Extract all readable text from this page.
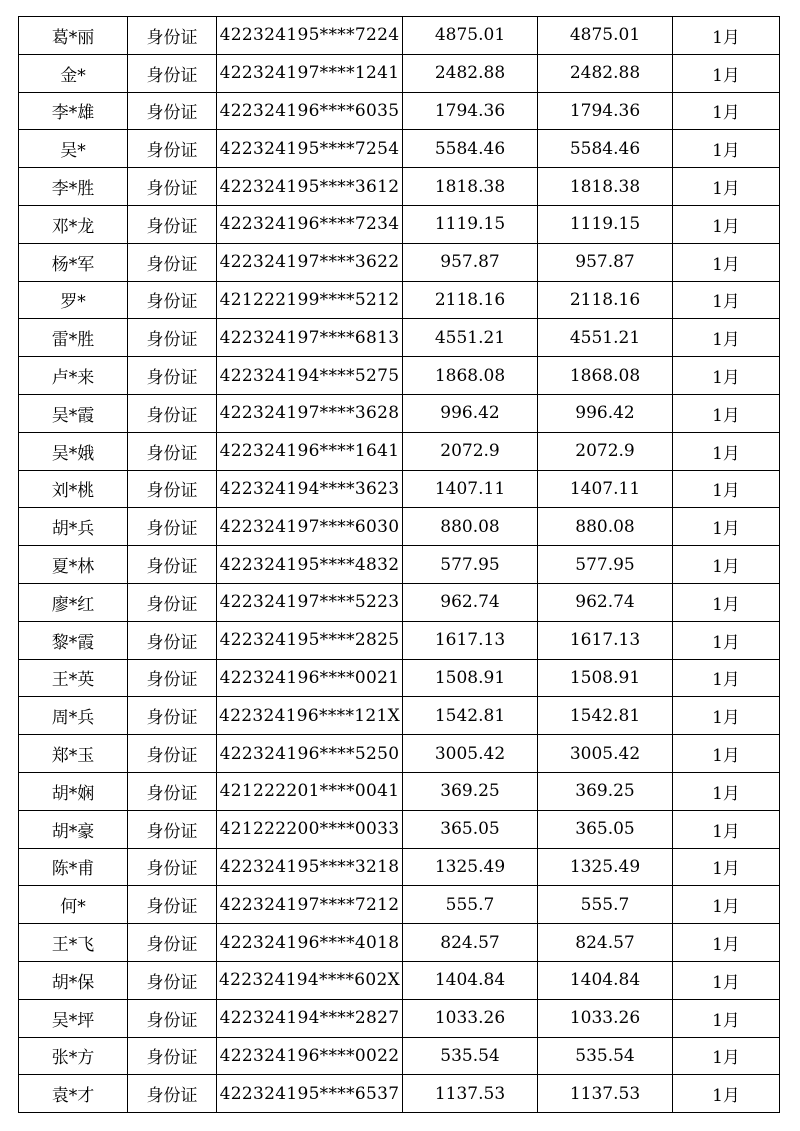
葛*丽	身份证	422324195****7224	4875.01	4875.01	1月
金*	身份证	422324197****1241	2482.88	2482.88	1月
李*雄	身份证	422324196****6035	1794.36	1794.36	1月
吴*	身份证	422324195****7254	5584.46	5584.46	1月
李*胜	身份证	422324195****3612	1818.38	1818.38	1月
邓*龙	身份证	422324196****7234	1119.15	1119.15	1月
杨*军	身份证	422324197****3622	957.87	957.87	1月
罗*	身份证	421222199****5212	2118.16	2118.16	1月
雷*胜	身份证	422324197****6813	4551.21	4551.21	1月
卢*来	身份证	422324194****5275	1868.08	1868.08	1月
吴*霞	身份证	422324197****3628	996.42	996.42	1月
吴*娥	身份证	422324196****1641	2072.9	2072.9	1月
刘*桃	身份证	422324194****3623	1407.11	1407.11	1月
胡*兵	身份证	422324197****6030	880.08	880.08	1月
夏*林	身份证	422324195****4832	577.95	577.95	1月
廖*红	身份证	422324197****5223	962.74	962.74	1月
黎*霞	身份证	422324195****2825	1617.13	1617.13	1月
王*英	身份证	422324196****0021	1508.91	1508.91	1月
周*兵	身份证	422324196****121X	1542.81	1542.81	1月
郑*玉	身份证	422324196****5250	3005.42	3005.42	1月
胡*娴	身份证	421222201****0041	369.25	369.25	1月
胡*豪	身份证	421222200****0033	365.05	365.05	1月
陈*甫	身份证	422324195****3218	1325.49	1325.49	1月
何*	身份证	422324197****7212	555.7	555.7	1月
王*飞	身份证	422324196****4018	824.57	824.57	1月
胡*保	身份证	422324194****602X	1404.84	1404.84	1月
吴*坪	身份证	422324194****2827	1033.26	1033.26	1月
张*方	身份证	422324196****0022	535.54	535.54	1月
袁*才	身份证	422324195****6537	1137.53	1137.53	1月
